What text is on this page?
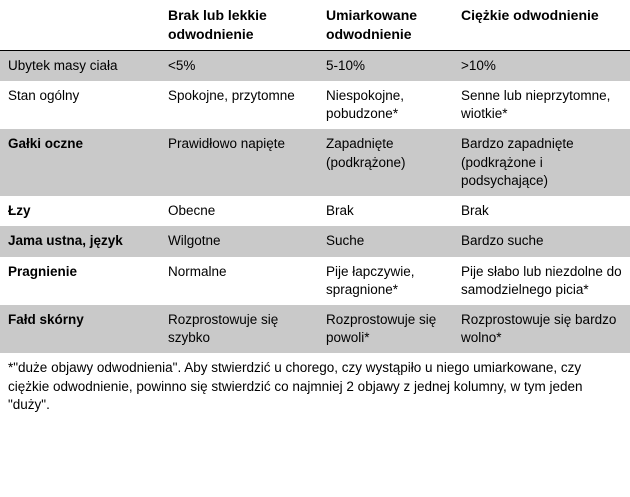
	Brak lub lekkie odwodnienie	Umiarkowane odwodnienie	Ciężkie odwodnienie
Ubytek masy ciała	<5%	5-10%	>10%
Stan ogólny	Spokojne, przytomne	Niespokojne, pobudzone*	Senne lub nieprzytomne, wiotkie*
Gałki oczne	Prawidłowo napięte	Zapadnięte (podkrążone)	Bardzo zapadnięte (podkrążone i podsychające)
Łzy	Obecne	Brak	Brak
Jama ustna, język	Wilgotne	Suche	Bardzo suche
Pragnienie	Normalne	Pije łapczywie, spragnione*	Pije słabo lub niezdolne do samodzielnego picia*
Fałd skórny	Rozprostowuje się szybko	Rozprostowuje się powoli*	Rozprostowuje się bardzo wolno*
*"duże objawy odwodnienia". Aby stwierdzić u chorego, czy wystąpiło u niego umiarkowane, czy ciężkie odwodnienie, powinno się stwierdzić co najmniej 2 objawy z jednej kolumny, w tym jeden "duży".			
